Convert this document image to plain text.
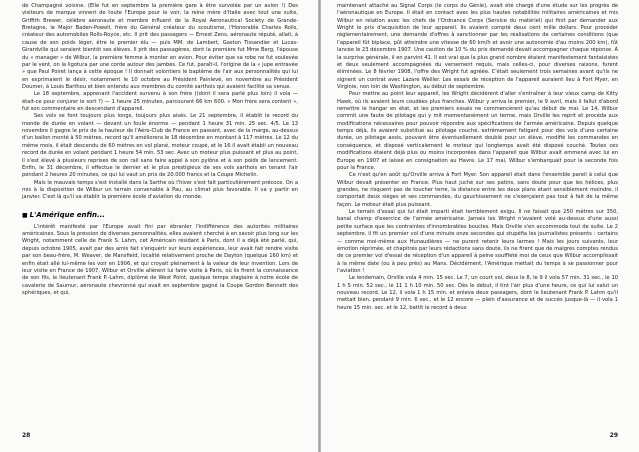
de Champagné voisine. (Elle fut en septembre la première gare à être survolée par un avion !) Des visiteurs de marque vinrent de toute l'Europe pour le voir, la reine mère d'Italie avec tout une suite, Griffith Brewer, célèbre aéronaute et membre influent de la Royal Aeronautical Society de Grande-Bretagne, le Major Baden-Powell, frère du Général créateur du scoutisme, l'Honorable Charles Rolls, créateur des automobiles Rolls-Royce, etc. Il prit des passagers — Ernest Zens, aéronaute réputé, allait, à cause de son poids léger, être le premier élu — puis MM. de Lambert, Gaston Tissandier et Lucas-Girardville qui seraient bientôt ses élèves. Il prit des passagères, dont la première fut Mme Berg, l'épouse du « manager » de Wilbur, la première femme à monter en avion. Pour éviter que sa robe ne fut soulevée par le vent, on la ligotura par une corde autour des jambes. Ce fut, paraît-il, l'origine de la « jupe entravée » que Paul Poiret lança à cette époque ! Il donnait volontiers le baptême de l'air aux personnalités qui lui en exprimaient le désir, notamment le 10 octobre au Président Painlevé, en novembre au Président Doumer, à Louis Barthou et bien entendu aux membres du comité sarthois qui avaient facilité sa venue.

Le 18 septembre, apprenant l'accident survenu à son frère ((dont il sera parlé plus loin) il vola — était-ce pour conjurer le sort ?) — 1 heure 25 minutes, parcourant 66 km 600. « Mon frère sera content », fut son commentaire en descendant d'appareil.

Ses vols se font toujours plus longs, toujours plus aisés. Le 21 septembre, il établit le record du monde de durée en volant — devant un foule énorme — pendant 1 heure 31 min. 25 sec. 4/5. Le 13 novembre il gagne le prix de la hauteur de l'Aéro-Club de France en passant, avec de la marge, au-dessus d'un ballon monté à 50 mètres, record qu'il améliorera le 18 décembre en montant à 117 mètres. Le 12 du même mois, il était descendu de 60 mètres en vol plané, moteur coupé, et le 16 il avait établi un nouveau record de durée en volant pendant 1 heure 54 min. 53 sec. Avec un moteur plus puissant et plus au point, il s'est élevé à plusieurs reprises de son rail sans faire appel à son pylône et à son poids de lancement. Enfin, le 31 décembre, il effectue le dernier et le plus prestigieux de ses vols sarthois en tenant l'air pendant 2 heures 20 minutes, ce qui lui vaut un prix de 20.000 francs et la Coupe Michelin.

Mais le mauvais temps s'est installé dans la Sarthe où l'hiver s'est fait particulièrement précoce. On a mis à la disposition de Wilbur un terrain convenable à Pau, au climat plus favorable. Il va y partir en janvier. C'est là qu'il va établir la première école d'aviation du monde.

■ L'Amérique enfin...

L'intérêt manifesté par l'Europe avait fini par ébranler l'indifférence des autorités militaires américaines. Sous la pression de diverses personnalités, elles avaient cherché à en savoir plus long sur les Wright, notamment celle de Frank S. Lahm, cet Américain résidant à Paris, dont il a déjà été parlé, qui, depuis octobre 1905, avait par des amis fait s'enquérir sur leurs expériences, leur avait fait rendre visite par son beau-frère, M. Weaver, de Mansfield, localité relativement proche de Dayton (quelque 160 km) et enfin était allé lui-même les voir en 1906, et qui croyait pleinement à la valeur de leur invention. Lors de leur visite en France de 1907, Wilbur et Orville allèrent lui faire visite à Paris, où ils firent la connaissance de son fils, le lieutenant Frank P.-Lahm, diplômé de West Point, quelque temps stagiaire à notre école de cavalerie de Saumur, aéronaute chevronné qui avait en septembre gagné la Coupe Gordon Bennett des sphériques, et qui,

28

maintenant attaché au Signal Corps (le corps du Génie), avait été chargé d'une étude sur les progrès de l'aéronautique en Europe. Il était en contact avec les plus hautes notabilités militaires américaines et mis Wilbur en relation avec les chefs de l'Ordnance Corps (Service du matériel) qui finit par demander aux Wright le prix d'acquisition de leur appareil. Ils avaient compté deux cent mille dollars. Pour procéder réglementairement, une demande d'offres à sanctionner par les réalisations de certaines conditions (que l'appareil fût biplace, pût atteindre une vitesse de 60 km/h et avoir une autonomie d'au moins 200 km), fût lancée le 23 décembre 1907. Une caution de 10 % du prix demandé devait accompagner chaque réponse. À la surprise générale, il en parvint 41. Il est vrai que la plus grand nombre étaient manifestement fantaisistes et deux seulement accompagnées du versement requis, mais celles-ci, pour diverses raisons, furent éliminées. Le 8 février 1908, l'offre des Wright fut agréée. C'était seulement trois semaines avant qu'ils ne signent un contrat avec Lazare Weiller. Les essais de réception de l'appareil auraient lieu à Fort Myer, en Virginie, non loin de Washington, au début de septembre.

Pour mettre au point leur appareil, les Wright décidèrent d'aller s'entraîner à leur vieux camp de Kitty Hawk, où ils avaient leurs coudées plus franches. Wilbur y arriva le premier, le 9 avril, mais il fallut d'abord remettre le hangar en état, et les premiers essais ne commencèrent qu'au début de mai. Le 14, Wilbur commit une faute de pilotage qui y mit momentanément un terme, mais Orville les reprit et procéda aux modifications nécessaires pour pouvoir répondre aux spécifications de l'armée américaine. Depuis quelque temps déjà, ils avaient substitué au pilotage couché, extrêmement fatigant pour des vols d'une certaine durée, un pilotage assis, pouvant être éventuellement doublé pour un élève, modifié les commandes en conséquence, et disposé verticalement le moteur qui longtemps avait été disposé couché. Toutes ces modifications étaient déjà plus ou moins incorporées dans l'appareil que Wilbur avait emmené avec lui en Europe en 1907 et laissé en consignation au Havre. Le 17 mai, Wilbur s'embarquait pour la seconde fois pour la France.

Ce n'est qu'en août qu'Orville arriva à Fort Myer. Son appareil était dans l'ensemble pareil à celui que Wilbur devait présenter en France. Plus haut juché sur ses patins, sans doute pour que les hélices, plus grandes, ne risquent pas de toucher terre, la distance entre les deux plans étant sensiblement moindre, il comportait deux sièges et ses commandes, du gauchissement ne s'exerçaient pas tout à fait de la même façon. Le moteur était plus puissant.

Le terrain d'essai qui lui était imparti était terriblement exigu. Il ne faisait que 250 mètres sur 350, banal champ d'exercice de l'armée américaine. Jamais les Wright n'avaient volé au-dessus d'une aussi petite surface que les contraintes d'innombrables boucles. Mais Orville s'en accommoda tout de suite. Le 2 septembre, il fit un premier vol d'une minute onze secondes qui stupéfia les journalistes présents : certains — comme moi-même aux Hunaudières — ne purent retenir leurs larmes ! Mais les jours suivants, leur émotion réprimée, et chapitrés par leurs rédactions sans doute, ils ne firent que de maigres comptes rendus de ce premier vol d'essai de réception d'un appareil à peine souffleté moi de ceux que Wilbur accomplissait à la même date (ou à peu près) au Mans. Décidément, l'Amérique mettait du temps à se passionner pour l'aviation !

Le lendemain, Orville vola 4 min. 15 sec. Le 7, un court vol, deux le 8, le 9 il vola 57 min. 31 sec., le 10 1 h 5 min. 52 sec., le 11 1 h 10 min. 50 sec. Dès le début, il tint l'air plus d'une heure, ce qui lui valut un nouveau record. Le 12, il vola 1 h 15 min. et enleva deux passagers, dont le lieutenant Frank P. Lahm qu'il mettait bien, pendant 9 min. 6 sec., et le 12 encore — plein d'assurance et de succès jusque-là — il vola 1 heure 15 min. sec. et le 12, battit le record à deux

29
